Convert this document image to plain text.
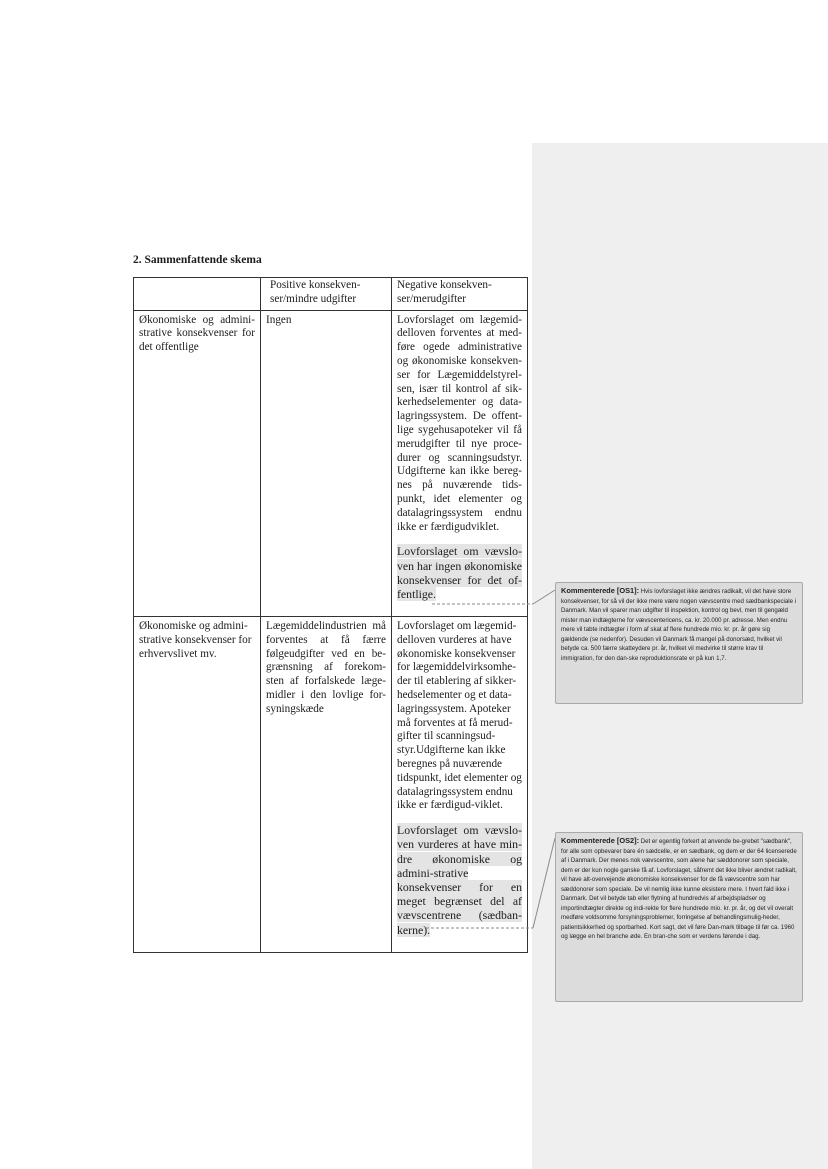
2. Sammenfattende skema
	Positive konsekven-ser/mindre udgifter	Negative konsekven-ser/merudgifter
Økonomiske og admini-strative konsekvenser for det offentlige	Ingen	Lovforslaget om lægemid-delloven forventes at med-føre ogede administrative og økonomiske konsekven-ser for Lægemiddelstyrel-sen, især til kontrol af sik-kerhedselementer og data-lagringssystem. De offent-lige sygehusapoteker vil få merudgifter til nye proce-durer og scanningsudstyr. Udgifterne kan ikke bereg-nes på nuværende tids-punkt, idet elementer og datalagringssystem endnu ikke er færdigudviklet.

Lovforslaget om vævslo-ven har ingen økonomiske konsekvenser for det of-fentlige.

Økonomiske og admini-strative konsekvenser for erhvervslivet mv.	Lægemiddelindustrien må forventes at få færre følgeudgifter ved en be-grænsning af forekom-sten af forfalskede læge-midler i den lovlige for-syningskæde	Lovforslaget om lægemid-delloven vurderes at have økonomiske konsekvenser for lægemiddelvirksomhe-der til etablering af sikker-hedselementer og et data-lagringssystem. Apoteker må forventes at få merud-gifter til scanningsud-styr.Udgifterne kan ikke beregnes på nuværende tidspunkt, idet elementer og datalagringssystem endnu ikke er færdigud-viklet.

Lovforslaget om vævslo-ven vurderes at have min-dre økonomiske og admini-strative konsekvenser for en meget begrænset del af vævscentrene (sædban-kerne).

Kommenterede [OS1]: Hvis lovforslaget ikke ændres radikalt, vil det have store konsekvenser, for så vil der ikke mere være nogen vævscentre med sædbankspeciale i Danmark. Man vil sparer man udgifter til inspektion, kontrol og bevl, men til gengæld mister man indtægterne for vævscentericens, ca. kr. 20.000 pr. adresse. Men endnu mere vil tabte indtægter i form af skat af flere hundrede mio. kr. pr. år gøre sig gældende (se nedenfor). Desuden vil Danmark få mangel på donorsæd, hvilket vil betyde ca. 500 færre skatteydere pr. år, hvilket vil medvirke til større krav til immigration, for den dan-ske reproduktionsrate er på kun 1,7.
Kommenterede [OS2]: Det er egentlig forkert at anvende be-grebet "sædbank", for alle som opbevarer bare én sædcelle, er en sædbank, og dem er der 64 licenserede af i Danmark. Der menes nok vævscentre, som alene har sæddonorer som speciale, dem er der kun nogle ganske få af. Lovforslaget, såfremt det ikke bliver ændret radikalt, vil have alt-overvejende økonomiske konsekvenser for de få vævscentre som har sæddonorer som speciale. De vil nemlig ikke kunne eksistere mere. I hvert fald ikke i Danmark. Det vil betyde tab eller flytning af hundredvis af arbejdspladser og importindtægter direkte og indi-rekte for flere hundrede mio. kr. pr. år, og det vil overalt medføre voldsomme forsyningsproblemer, forringelse af behandlingsmulig-heder, patientsikkerhed og sporbarhed. Kort sagt, det vil føre Dan-mark tilbage til før ca. 1960 og lægge en hel branche øde. En bran-che som er verdens førende i dag.
